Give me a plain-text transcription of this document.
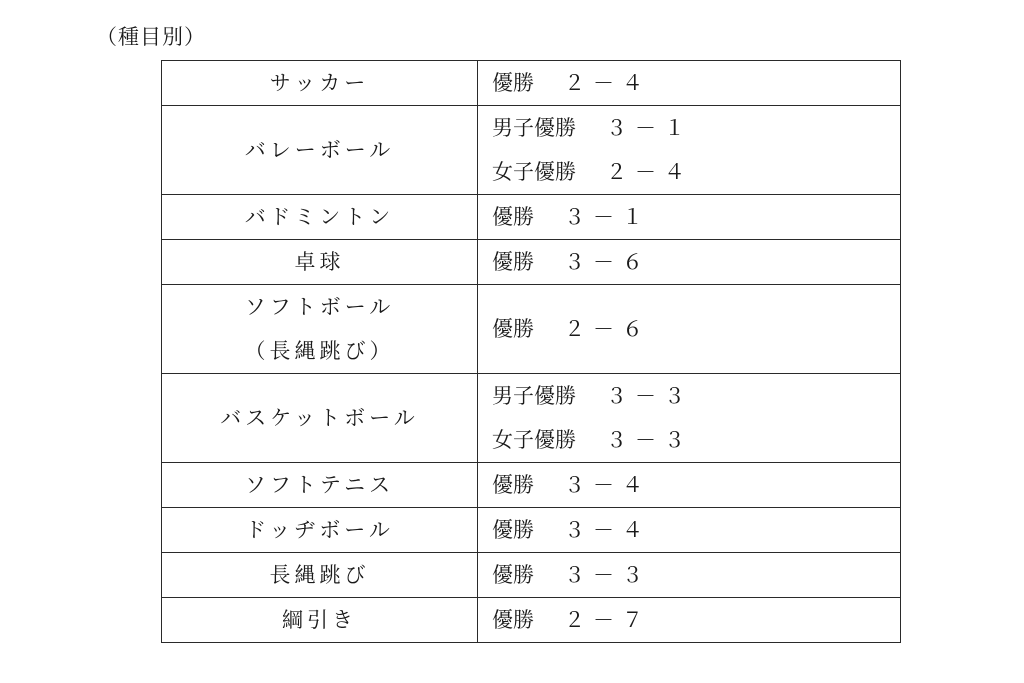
（種目別）
サッカー	優勝 ２－４

バレーボール	男子優勝 ３－１
女子優勝 ２－４

バドミントン	優勝 ３－１

卓球	優勝 ３－６

ソフトボール
（長縄跳び）	優勝 ２－６

バスケットボール	男子優勝 ３－３
女子優勝 ３－３

ソフトテニス	優勝 ３－４

ドッヂボール	優勝 ３－４

長縄跳び	優勝 ３－３

綱引き	優勝 ２－７
